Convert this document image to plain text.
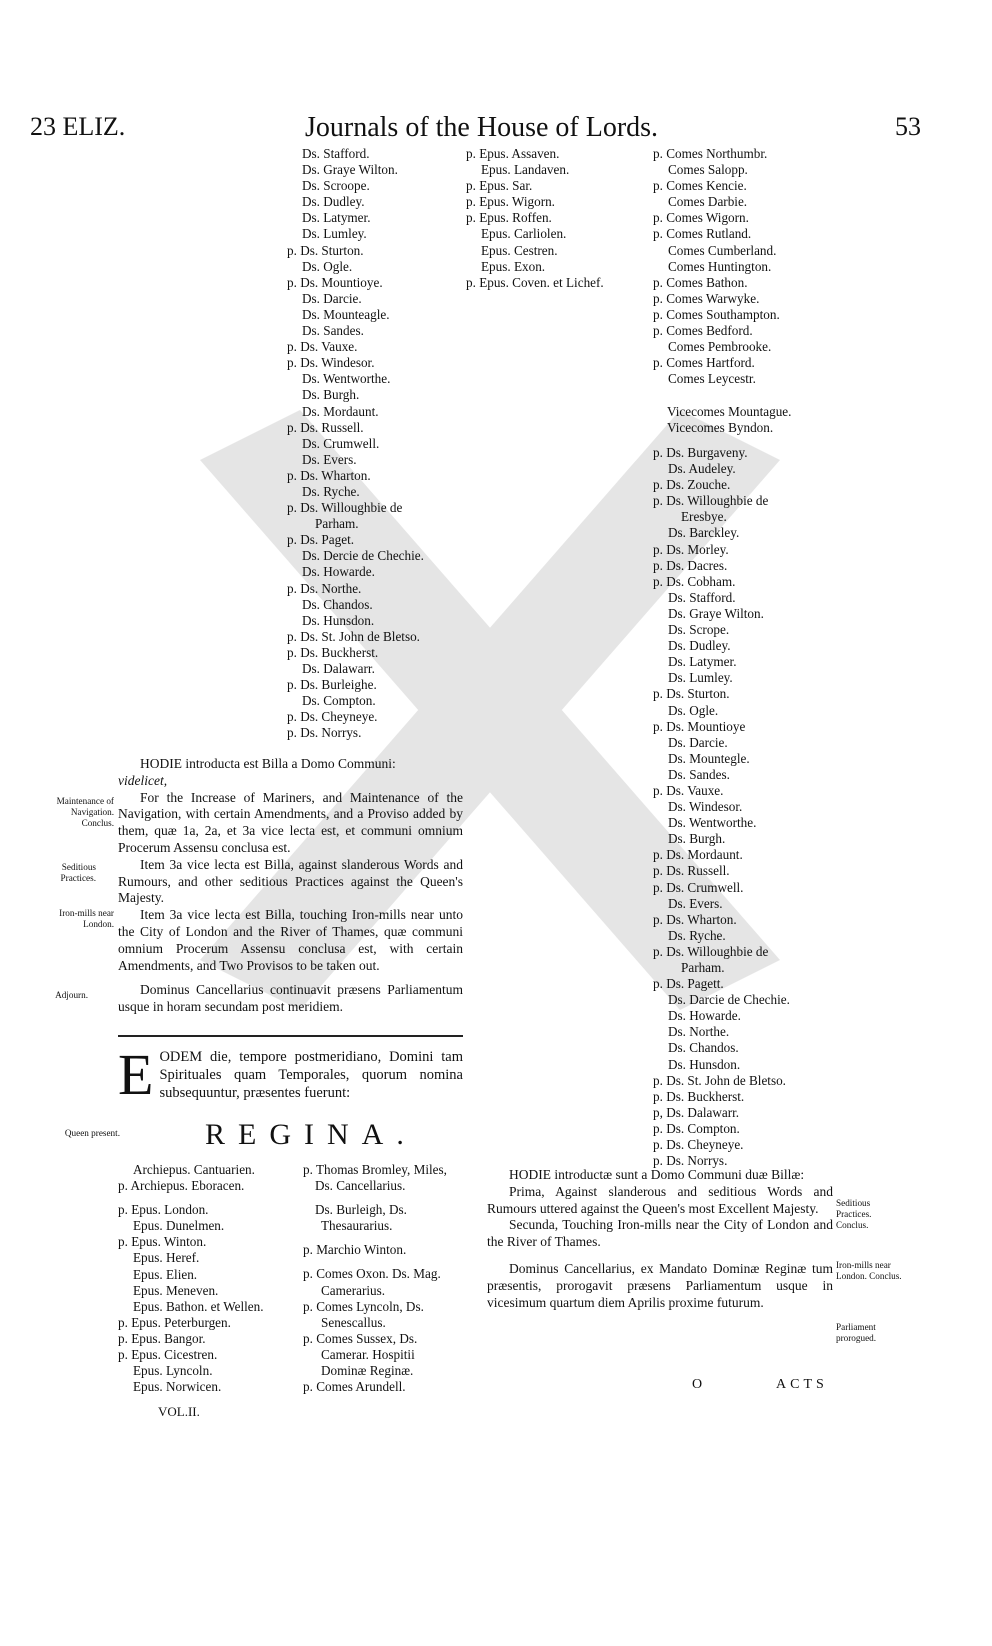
23 ELIZ.	Journals of the House of Lords.	53
Ds. Stafford.
Ds. Graye Wilton.
Ds. Scroope.
Ds. Dudley.
Ds. Latymer.
Ds. Lumley.
p. Ds. Sturton.
Ds. Ogle.
p. Ds. Mountioye.
Ds. Darcie.
Ds. Mounteagle.
Ds. Sandes.
p. Ds. Vauxe.
p. Ds. Windesor.
Ds. Wentworthe.
Ds. Burgh.
Ds. Mordaunt.
p. Ds. Russell.
Ds. Crumwell.
Ds. Evers.
p. Ds. Wharton.
Ds. Ryche.
p. Ds. Willoughbie de
Parham.
p. Ds. Paget.
Ds. Dercie de Chechie.
Ds. Howarde.
p. Ds. Northe.
Ds. Chandos.
Ds. Hunsdon.
p. Ds. St. John de Bletso.
p. Ds. Buckherst.
Ds. Dalawarr.
p. Ds. Burleighe.
Ds. Compton.
p. Ds. Cheyneye.
p. Ds. Norrys.
p. Epus. Assaven.
Epus. Landaven.
p. Epus. Sar.
p. Epus. Wigorn.
p. Epus. Roffen.
Epus. Carliolen.
Epus. Cestren.
Epus. Exon.
p. Epus. Coven. et Lichef.
p. Comes Northumbr.
Comes Salopp.
p. Comes Kencie.
Comes Darbie.
p. Comes Wigorn.
p. Comes Rutland.
Comes Cumberland.
Comes Huntington.
p. Comes Bathon.
p. Comes Warwyke.
p. Comes Southampton.
p. Comes Bedford.
Comes Pembrooke.
p. Comes Hartford.
Comes Leycestr.
Vicecomes Mountague.
Vicecomes Byndon.
p. Ds. Burgaveny.
Ds. Audeley.
p. Ds. Zouche.
p. Ds. Willoughbie de
Eresbye.
Ds. Barckley.
p. Ds. Morley.
p. Ds. Dacres.
p. Ds. Cobham.
Ds. Stafford.
Ds. Graye Wilton.
Ds. Scrope.
Ds. Dudley.
Ds. Latymer.
Ds. Lumley.
p. Ds. Sturton.
Ds. Ogle.
p. Ds. Mountioye
Ds. Darcie.
Ds. Mountegle.
Ds. Sandes.
p. Ds. Vauxe.
Ds. Windesor.
Ds. Wentworthe.
Ds. Burgh.
p. Ds. Mordaunt.
p. Ds. Russell.
p. Ds. Crumwell.
Ds. Evers.
p. Ds. Wharton.
Ds. Ryche.
p. Ds. Willoughbie de
Parham.
p. Ds. Pagett.
Ds. Darcie de Chechie.
Ds. Howarde.
Ds. Northe.
Ds. Chandos.
Ds. Hunsdon.
p. Ds. St. John de Bletso.
p. Ds. Buckherst.
p, Ds. Dalawarr.
p. Ds. Compton.
p. Ds. Cheyneye.
p. Ds. Norrys.
Maintenance of Navigation. Conclus.
Seditious Practices.
Iron-mills near London.
Adjourn.
Queen present.

HODIE introducta est Billa a Domo Communi:

videlicet,

For the Increase of Mariners, and Maintenance of the Navigation, with certain Amendments, and a Proviso added by them, quæ 1a, 2a, et 3a vice lecta est, et communi omnium Procerum Assensu conclusa est.

Item 3a vice lecta est Billa, against slanderous Words and Rumours, and other seditious Practices against the Queen's Majesty.

Item 3a vice lecta est Billa, touching Iron-mills near unto the City of London and the River of Thames, quæ communi omnium Procerum Assensu conclusa est, with certain Amendments, and Two Provisos to be taken out.

Dominus Cancellarius continuavit præsens Parliamentum usque in horam secundam post meridiem.

EODEM die, tempore postmeridiano, Domini tam Spirituales quam Temporales, quorum nomina subsequuntur, præsentes fuerunt:
REGINA.
Archiepus. Cantuarien.
p. Archiepus. Eboracen.
p. Epus. London.
Epus. Dunelmen.
p. Epus. Winton.
Epus. Heref.
Epus. Elien.
Epus. Meneven.
Epus. Bathon. et Wellen.
p. Epus. Peterburgen.
p. Epus. Bangor.
p. Epus. Cicestren.
Epus. Lyncoln.
Epus. Norwicen.
VOL.II.
p. Thomas Bromley, Miles,
Ds. Cancellarius.
Ds. Burleigh, Ds.
Thesaurarius.
p. Marchio Winton.
p. Comes Oxon. Ds. Mag.
Camerarius.
p. Comes Lyncoln, Ds.
Senescallus.
p. Comes Sussex, Ds.
Camerar. Hospitii
Dominæ Reginæ.
p. Comes Arundell.

HODIE introductæ sunt a Domo Communi duæ Billæ:

Prima, Against slanderous and seditious Words and Rumours uttered against the Queen's most Excellent Majesty.

Secunda, Touching Iron-mills near the City of London and the River of Thames.

Dominus Cancellarius, ex Mandato Dominæ Reginæ tum præsentis, prorogavit præsens Parliamentum usque in vicesimum quartum diem Aprilis proxime futurum.

Seditious Practices. Conclus.
Iron-mills near London. Conclus.
Parliament prorogued.
O	ACTS
